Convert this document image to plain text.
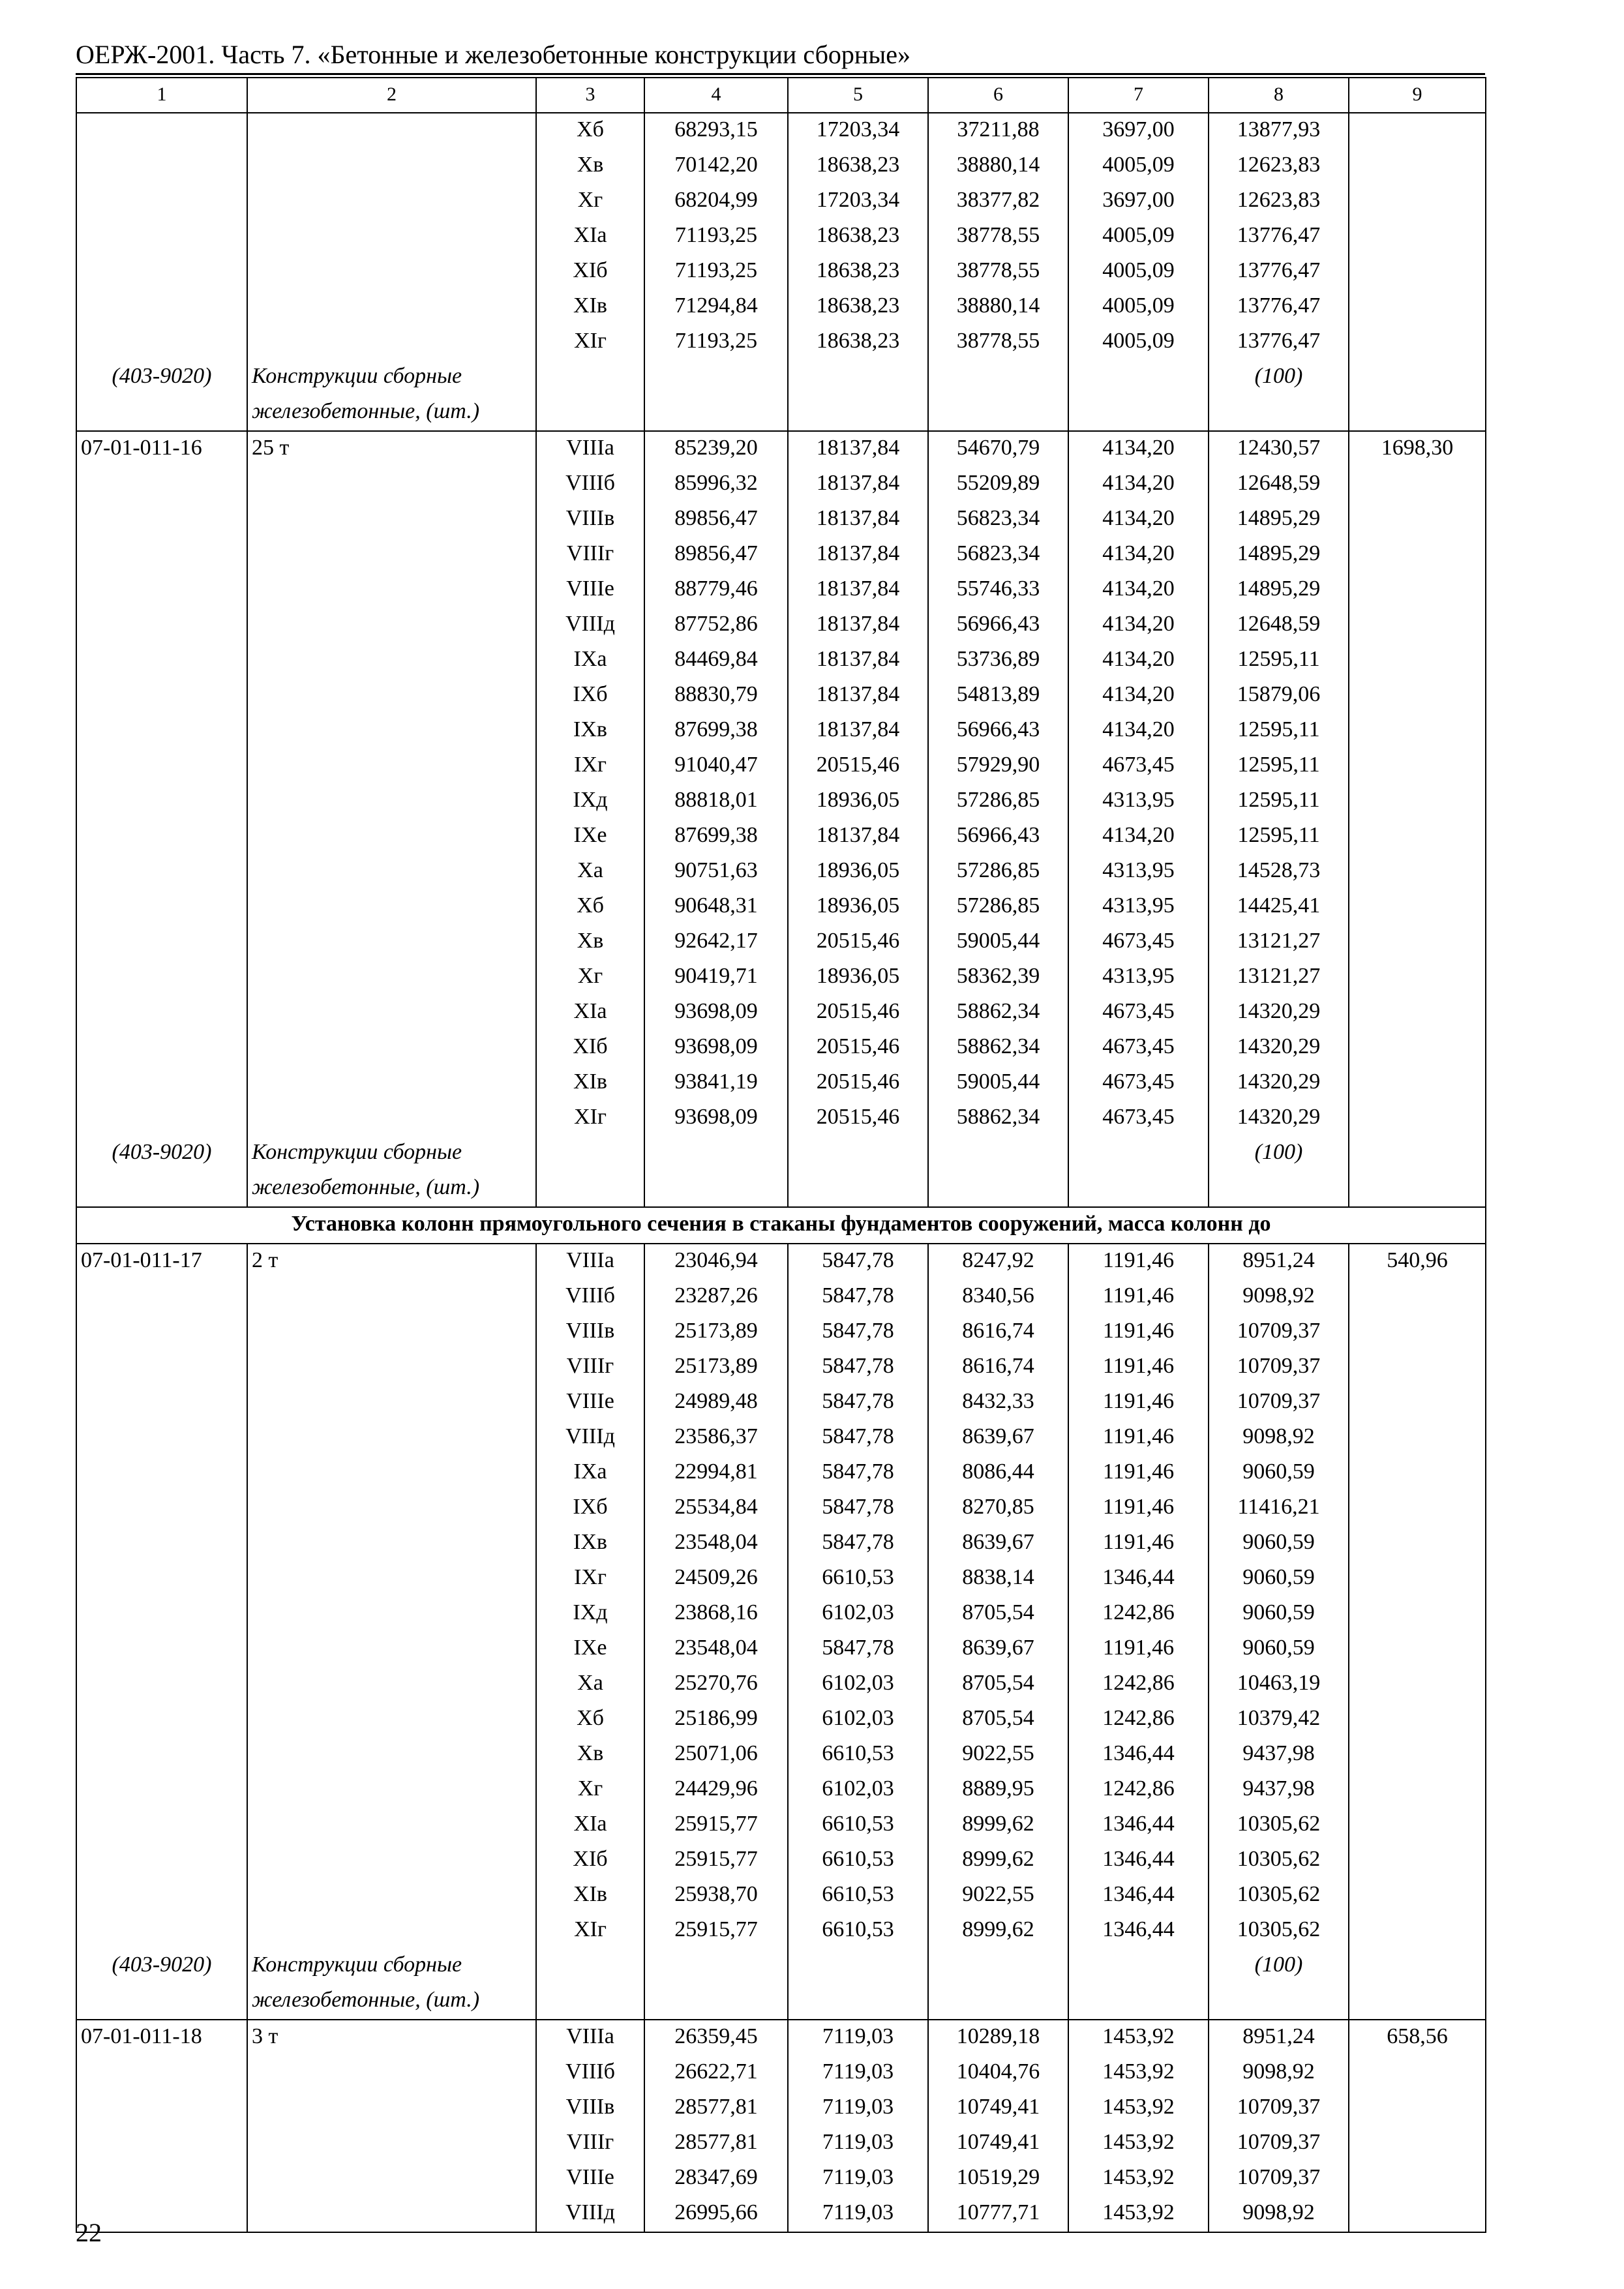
ОЕРЖ-2001. Часть 7. «Бетонные и железобетонные конструкции сборные»
1	2	3	4	5	6	7	8	9
		Xб	68293,15	17203,34	37211,88	3697,00	13877,93	
		Xв	70142,20	18638,23	38880,14	4005,09	12623,83	
		Xг	68204,99	17203,34	38377,82	3697,00	12623,83	
		XIа	71193,25	18638,23	38778,55	4005,09	13776,47	
		XIб	71193,25	18638,23	38778,55	4005,09	13776,47	
		XIв	71294,84	18638,23	38880,14	4005,09	13776,47	
		XIг	71193,25	18638,23	38778,55	4005,09	13776,47	
(403-9020)	Конструкции сборные						(100)	
	железобетонные, (шт.)							
07-01-011-16	25 т	VIIIа	85239,20	18137,84	54670,79	4134,20	12430,57	1698,30
		VIIIб	85996,32	18137,84	55209,89	4134,20	12648,59	
		VIIIв	89856,47	18137,84	56823,34	4134,20	14895,29	
		VIIIг	89856,47	18137,84	56823,34	4134,20	14895,29	
		VIIIе	88779,46	18137,84	55746,33	4134,20	14895,29	
		VIIIд	87752,86	18137,84	56966,43	4134,20	12648,59	
		IXа	84469,84	18137,84	53736,89	4134,20	12595,11	
		IXб	88830,79	18137,84	54813,89	4134,20	15879,06	
		IXв	87699,38	18137,84	56966,43	4134,20	12595,11	
		IXг	91040,47	20515,46	57929,90	4673,45	12595,11	
		IXд	88818,01	18936,05	57286,85	4313,95	12595,11	
		IXе	87699,38	18137,84	56966,43	4134,20	12595,11	
		Xа	90751,63	18936,05	57286,85	4313,95	14528,73	
		Xб	90648,31	18936,05	57286,85	4313,95	14425,41	
		Xв	92642,17	20515,46	59005,44	4673,45	13121,27	
		Xг	90419,71	18936,05	58362,39	4313,95	13121,27	
		XIа	93698,09	20515,46	58862,34	4673,45	14320,29	
		XIб	93698,09	20515,46	58862,34	4673,45	14320,29	
		XIв	93841,19	20515,46	59005,44	4673,45	14320,29	
		XIг	93698,09	20515,46	58862,34	4673,45	14320,29	
(403-9020)	Конструкции сборные						(100)	
	железобетонные, (шт.)							
Установка колонн прямоугольного сечения в стаканы фундаментов сооружений, масса колонн до								
07-01-011-17	2 т	VIIIа	23046,94	5847,78	8247,92	1191,46	8951,24	540,96
		VIIIб	23287,26	5847,78	8340,56	1191,46	9098,92	
		VIIIв	25173,89	5847,78	8616,74	1191,46	10709,37	
		VIIIг	25173,89	5847,78	8616,74	1191,46	10709,37	
		VIIIе	24989,48	5847,78	8432,33	1191,46	10709,37	
		VIIIд	23586,37	5847,78	8639,67	1191,46	9098,92	
		IXа	22994,81	5847,78	8086,44	1191,46	9060,59	
		IXб	25534,84	5847,78	8270,85	1191,46	11416,21	
		IXв	23548,04	5847,78	8639,67	1191,46	9060,59	
		IXг	24509,26	6610,53	8838,14	1346,44	9060,59	
		IXд	23868,16	6102,03	8705,54	1242,86	9060,59	
		IXе	23548,04	5847,78	8639,67	1191,46	9060,59	
		Xа	25270,76	6102,03	8705,54	1242,86	10463,19	
		Xб	25186,99	6102,03	8705,54	1242,86	10379,42	
		Xв	25071,06	6610,53	9022,55	1346,44	9437,98	
		Xг	24429,96	6102,03	8889,95	1242,86	9437,98	
		XIа	25915,77	6610,53	8999,62	1346,44	10305,62	
		XIб	25915,77	6610,53	8999,62	1346,44	10305,62	
		XIв	25938,70	6610,53	9022,55	1346,44	10305,62	
		XIг	25915,77	6610,53	8999,62	1346,44	10305,62	
(403-9020)	Конструкции сборные						(100)	
	железобетонные, (шт.)							
07-01-011-18	3 т	VIIIа	26359,45	7119,03	10289,18	1453,92	8951,24	658,56
		VIIIб	26622,71	7119,03	10404,76	1453,92	9098,92	
		VIIIв	28577,81	7119,03	10749,41	1453,92	10709,37	
		VIIIг	28577,81	7119,03	10749,41	1453,92	10709,37	
		VIIIе	28347,69	7119,03	10519,29	1453,92	10709,37	
		VIIIд	26995,66	7119,03	10777,71	1453,92	9098,92	
22
